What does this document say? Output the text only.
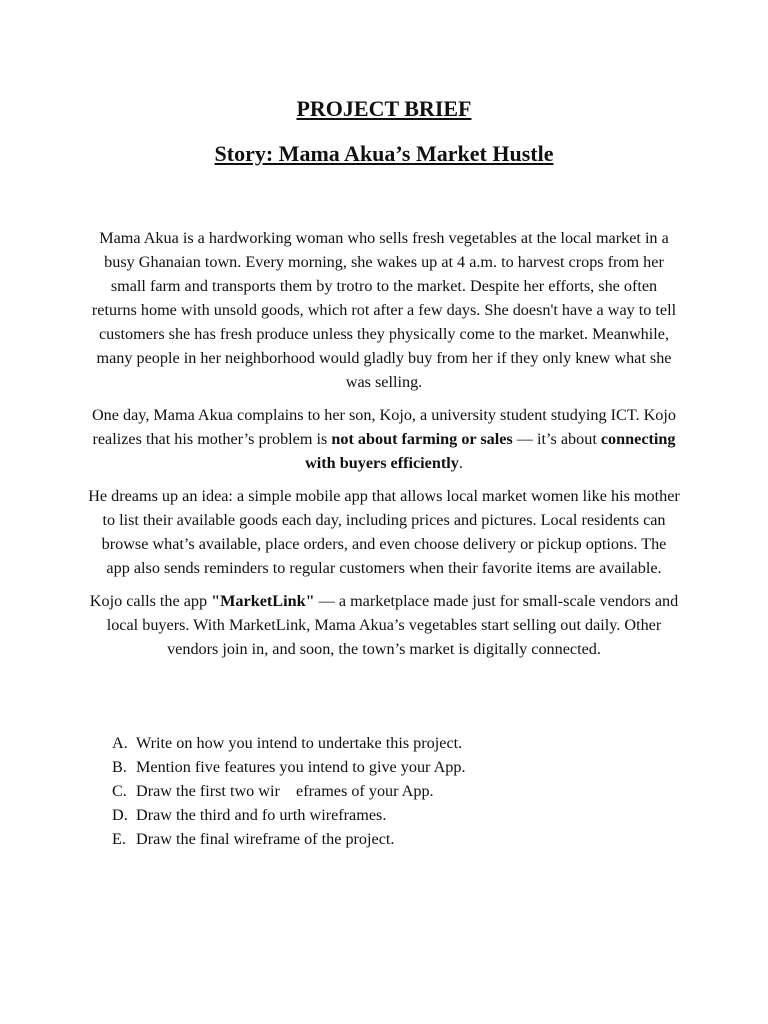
PROJECT BRIEF
Story: Mama Akua’s Market Hustle

Mama Akua is a hardworking woman who sells fresh vegetables at the local market in a busy Ghanaian town. Every morning, she wakes up at 4 a.m. to harvest crops from her small farm and transports them by trotro to the market. Despite her efforts, she often returns home with unsold goods, which rot after a few days. She doesn't have a way to tell customers she has fresh produce unless they physically come to the market. Meanwhile, many people in her neighborhood would gladly buy from her if they only knew what she was selling.

One day, Mama Akua complains to her son, Kojo, a university student studying ICT. Kojo realizes that his mother’s problem is not about farming or sales — it’s about connecting with buyers efficiently.

He dreams up an idea: a simple mobile app that allows local market women like his mother to list their available goods each day, including prices and pictures. Local residents can browse what’s available, place orders, and even choose delivery or pickup options. The app also sends reminders to regular customers when their favorite items are available.

Kojo calls the app "MarketLink" — a marketplace made just for small-scale vendors and local buyers. With MarketLink, Mama Akua’s vegetables start selling out daily. Other vendors join in, and soon, the town’s market is digitally connected.

A. Write on how you intend to undertake this project.
B. Mention five features you intend to give your App.
C. Draw the first two wir    eframes of your App.
D. Draw the third and fo urth wireframes.
E. Draw the final wireframe of the project.
